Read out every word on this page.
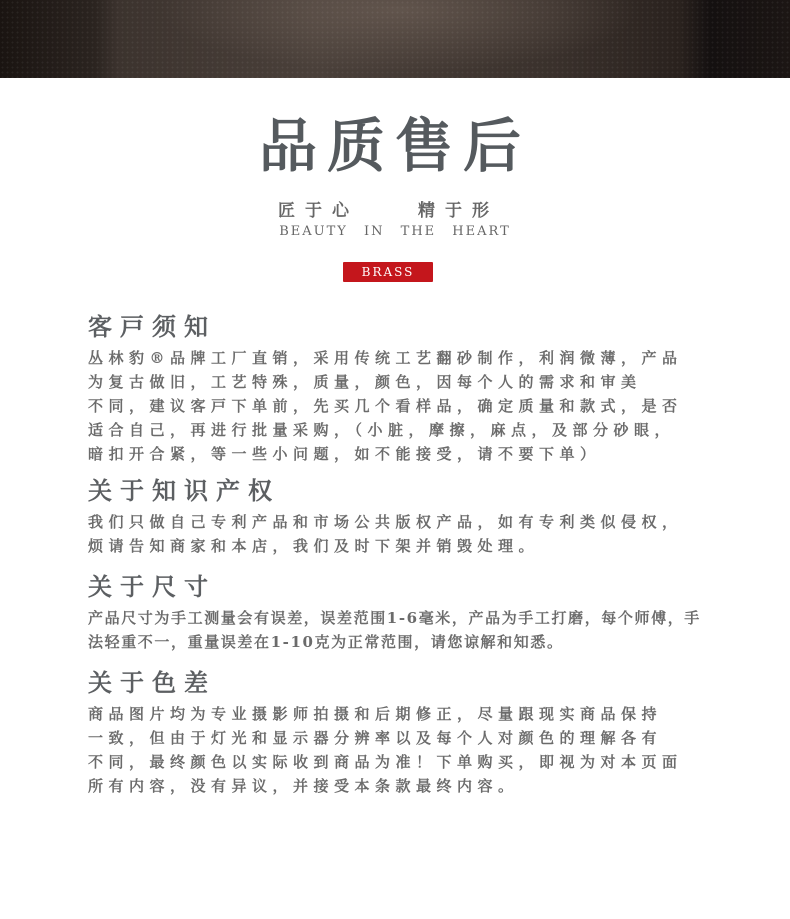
品质售后
匠于心	精于形
BEAUTY IN THE HEART
BRASS
客戸须知

丛林豹®品牌工厂直销，采用传统工艺翻砂制作，利润微薄，产品

为复古做旧，工艺特殊，质量，颜色，因每个人的需求和审美

不同，建议客戸下单前，先买几个看样品，确定质量和款式，是否

适合自己，再进行批量采购，（小脏，摩擦，麻点，及部分砂眼，

暗扣开合紧，等一些小问题，如不能接受，请不要下单）

关于知识产权

我们只做自己专利产品和市场公共版权产品，如有专利类似侵权，

烦请告知商家和本店，我们及时下架并销毁处理。

关于尺寸

产品尺寸为手工测量会有误差，误差范围1-6毫米，产品为手工打磨，每个师傅，手

法轻重不一，重量误差在1-10克为正常范围，请您谅解和知悉。

关于色差

商品图片均为专业摄影师拍摄和后期修正，尽量跟现实商品保持

一致，但由于灯光和显示器分辨率以及每个人对颜色的理解各有

不同，最终颜色以实际收到商品为准！下单购买，即视为对本页面

所有内容，没有异议，并接受本条款最终内容。
